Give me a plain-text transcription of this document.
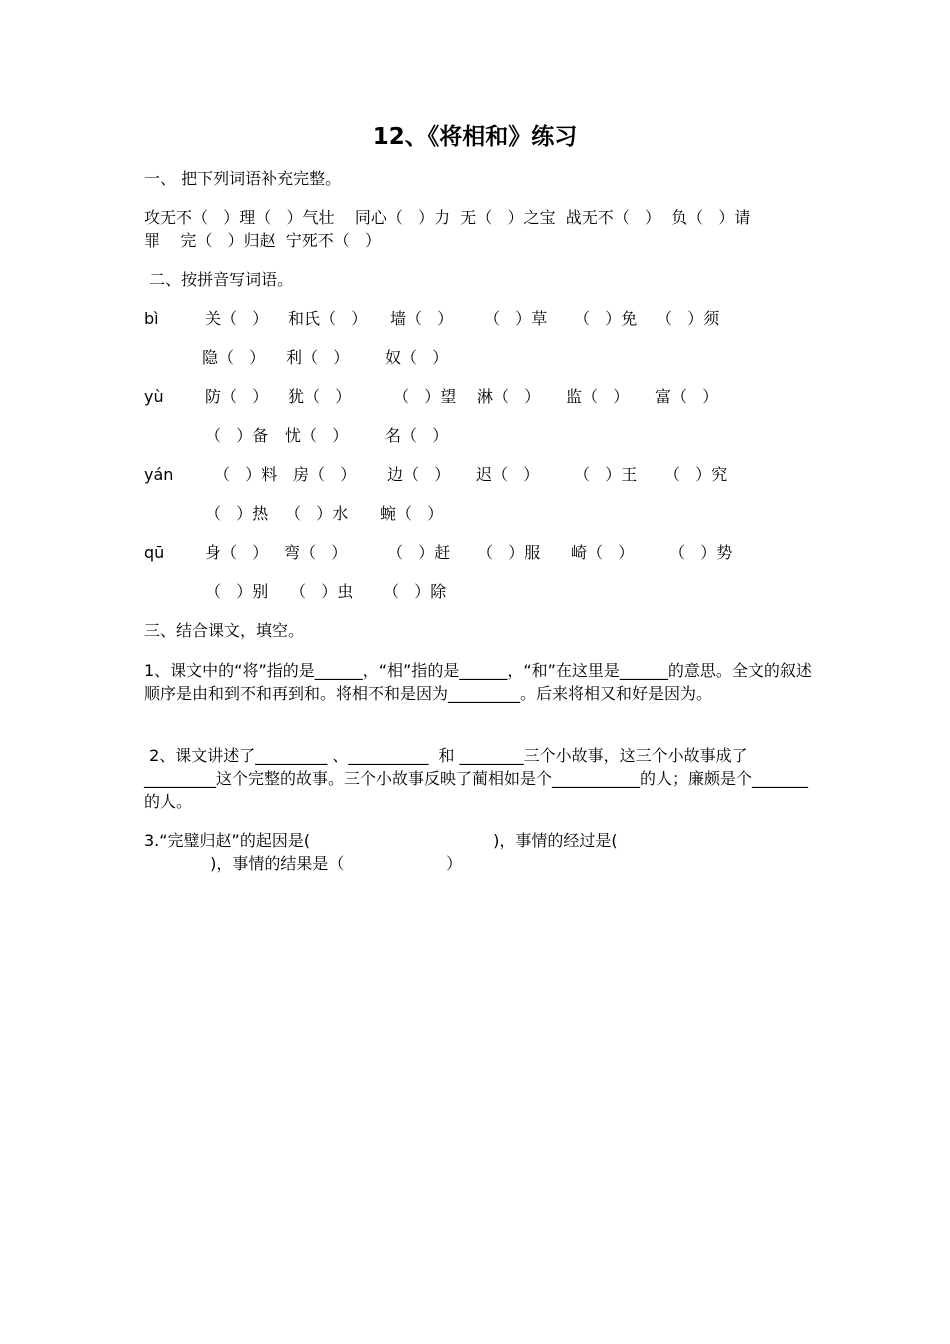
12、《将相和》练习
一、 把下列词语补充完整。
攻无不（   ）理（   ）气壮    同心（   ）力  无（   ）之宝  战无不（   ）  负（   ）请
罪    完（   ）归赵  宁死不（   ）
二、按拼音写词语。
bì	关（   ） 和氏（   ） 墙（   ） （   ）草 （   ）免 （   ）须
隐（   ） 利（   ） 奴（   ）
yù	防（   ） 犹（   ）	（   ）望 淋（   ） 监（   ） 富（   ）
（   ）备 忧（   ） 名（   ）
yán	（   ）料 房（   ） 边（   ） 迟（   ） （   ）王 （   ）究
（   ）热 （   ）水 蜿（   ）
qū	身（   ） 弯（   ） （   ）赶 （   ）服 崎（   ） （   ）势
（   ）别 （   ）虫 （   ）除
三、结合课文，填空。
1、课文中的“将”指的是______，“相”指的是______，“和”在这里是______的意思。全文的叙述顺序是由和到不和再到和。将相不和是因为_________。后来将相又和好是因为。
2、课文讲述了_________ 、__________  和 ________三个小故事，这三个小故事成了_________这个完整的故事。三个小故事反映了蔺相如是个___________的人；廉颇是个_______的人。
3.“完璧归赵”的起因是(                                    )，事情的经过是(
)，事情的结果是（                    ）
